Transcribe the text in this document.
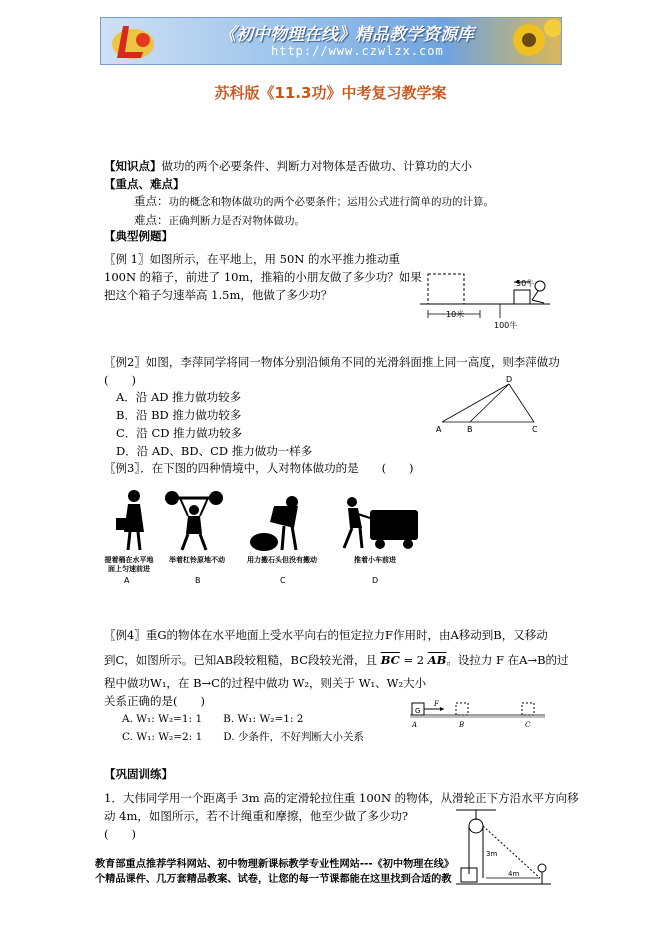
《初中物理在线》精品教学资源库
http://www.czwlzx.com
苏科版《11.3功》中考复习教学案
【知识点】做功的两个必要条件、判断力对物体是否做功、计算功的大小
【重点、难点】
重点：功的概念和物体做功的两个必要条件；运用公式进行简单的功的计算。
难点：正确判断力是否对物体做功。
【典型例题】
〖例 1〗如图所示，在平地上，用 50N 的水平推力推动重
100N 的箱子，前进了 10m，推箱的小朋友做了多少功？如果
把这个箱子匀速举高 1.5m，他做了多少功？
10米
50牛
100牛
〖例2〗如图，李萍同学将同一物体分别沿倾角不同的光滑斜面推上同一高度，则李萍做功
(　　)
A．沿 AD 推力做功较多
B．沿 BD 推力做功较多
C．沿 CD 推力做功较多
D．沿 AD、BD、CD 推力做功一样多
D
A	B	C
〖例3〗．在下图的四种情境中，人对物体做功的是　　(　　)
提着桶在水平地
面上匀速前进
举着杠铃原地不动	用力搬石头但没有搬动	推着小车前进
A	B	C	D
〖例4〗重G的物体在水平地面上受水平向右的恒定拉力F作用时，由A移动到B，又移动
到C，如图所示。已知AB段较粗糙，BC段较光滑，且 $\overline{BC} = 2$ $\overline{AB}$。设拉力 F 在A→B的过
程中做功W₁，在 B→C的过程中做功 W₂，则关于 W₁、W₂大小
关系正确的是(　　)
A. W₁: W₂=1: 1　　B. W₁: W₂=1: 2
C. W₁: W₂=2: 1　　D. 少条件，不好判断大小关系
G
F
A	B	C
【巩固训练】
1．大伟同学用一个距离手 3m 高的定滑轮拉住重 100N 的物体，从滑轮正下方沿水平方向移
动 4m，如图所示，若不计绳重和摩擦，他至少做了多少功?
(　　)
3m
4m
教育部重点推荐学科网站、初中物理新课标教学专业性网站---《初中物理在线》
个精品课件、几万套精品教案、试卷，让您的每一节课都能在这里找到合适的教
